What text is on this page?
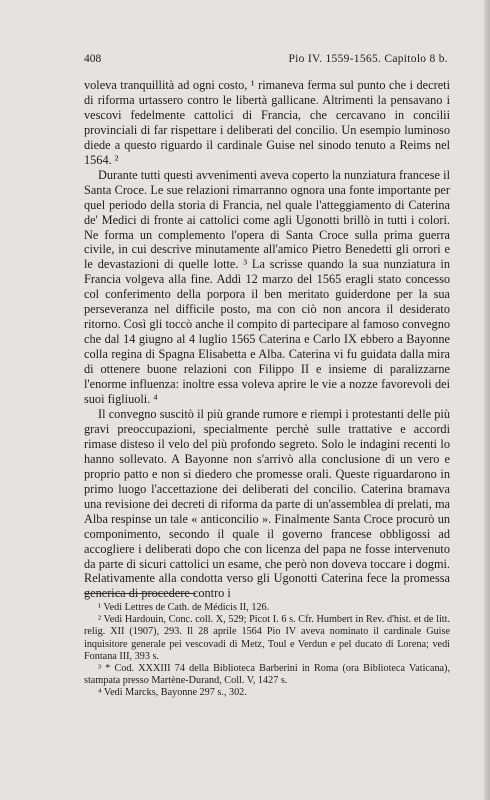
408	Pio IV. 1559-1565. Capitolo 8 b.

voleva tranquillità ad ogni costo, ¹ rimaneva ferma sul punto che i decreti di riforma urtassero contro le libertà gallicane. Altrimenti la pensavano i vescovi fedelmente cattolici di Francia, che cercavano in concilii provinciali di far rispettare i deliberati del concilio. Un esempio luminoso diede a questo riguardo il cardinale Guise nel sinodo tenuto a Reims nel 1564. ²

Durante tutti questi avvenimenti aveva coperto la nunziatura francese il Santa Croce. Le sue relazioni rimarranno ognora una fonte importante per quel periodo della storia di Francia, nel quale l'atteggiamento di Caterina de' Medici di fronte ai cattolici come agli Ugonotti brillò in tutti i colori. Ne forma un complemento l'opera di Santa Croce sulla prima guerra civile, in cui descrive minutamente all'amico Pietro Benedetti gli orrori e le devastazioni di quelle lotte. ³ La scrisse quando la sua nunziatura in Francia volgeva alla fine. Addì 12 marzo del 1565 eragli stato concesso col conferimento della porpora il ben meritato guiderdone per la sua perseveranza nel difficile posto, ma con ciò non ancora il desiderato ritorno. Così gli toccò anche il compito di partecipare al famoso convegno che dal 14 giugno al 4 luglio 1565 Caterina e Carlo IX ebbero a Bayonne colla regina di Spagna Elisabetta e Alba. Caterina vi fu guidata dalla mira di ottenere buone relazioni con Filippo II e insieme di paralizzarne l'enorme influenza: inoltre essa voleva aprire le vie a nozze favorevoli dei suoi figliuoli. ⁴

Il convegno suscitò il più grande rumore e riempì i protestanti delle più gravi preoccupazioni, specialmente perchè sulle trattative e accordi rimase disteso il velo del più profondo segreto. Solo le indagini recenti lo hanno sollevato. A Bayonne non s'arrivò alla conclusione di un vero e proprio patto e non si diedero che promesse orali. Queste riguardarono in primo luogo l'accettazione dei deliberati del concilio. Caterina bramava una revisione dei decreti di riforma da parte di un'assemblea di prelati, ma Alba respinse un tale « anticoncilio ». Finalmente Santa Croce procurò un componimento, secondo il quale il governo francese obbligossi ad accogliere i deliberati dopo che con licenza del papa ne fosse intervenuto da parte di sicuri cattolici un esame, che però non doveva toccare i dogmi. Relativamente alla condotta verso gli Ugonotti Caterina fece la promessa generica di procedere contro i

¹ Vedi Lettres de Cath. de Médicis II, 126.

² Vedi Hardouin, Conc. coll. X, 529; Picot I. 6 s. Cfr. Humbert in Rev. d'hist. et de litt. relig. XII (1907), 293. Il 28 aprile 1564 Pio IV aveva nominato il cardinale Guise inquisitore generale pei vescovadi di Metz, Toul e Verdun e pel ducato di Lorena; vedi Fontana III, 393 s.

³ * Cod. XXXIII 74 della Biblioteca Barberini in Roma (ora Biblioteca Vaticana), stampata presso Martène-Durand, Coll. V, 1427 s.

⁴ Vedi Marcks, Bayonne 297 s., 302.
